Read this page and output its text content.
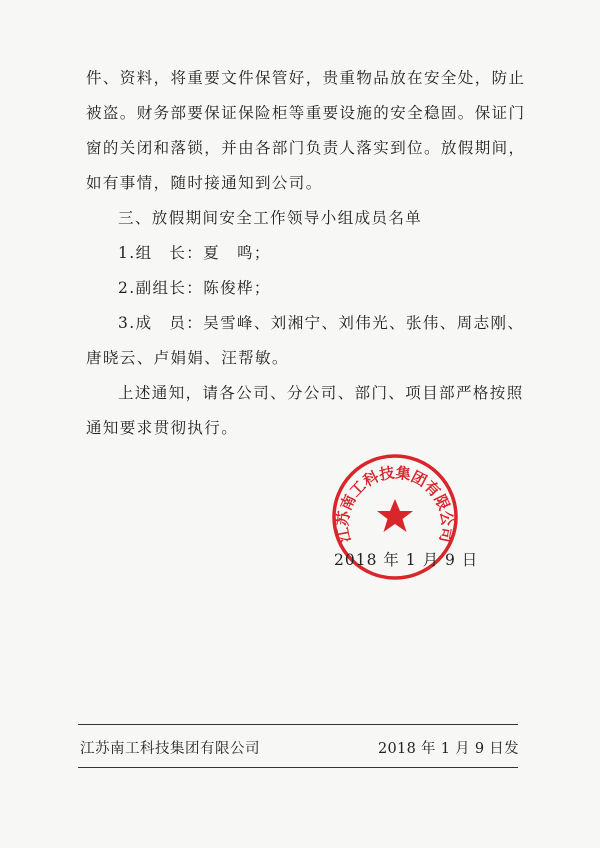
件、资料，将重要文件保管好，贵重物品放在安全处，防止
被盗。财务部要保证保险柜等重要设施的安全稳固。保证门
窗的关闭和落锁，并由各部门负责人落实到位。放假期间，
如有事情，随时接通知到公司。
三、放假期间安全工作领导小组成员名单
1.组　长：夏　鸣；
2.副组长：陈俊桦；
3.成　员：吴雪峰、刘湘宁、刘伟光、张伟、周志刚、
唐晓云、卢娟娟、汪帮敏。
上述通知，请各公司、分公司、部门、项目部严格按照
通知要求贯彻执行。
江苏南工科技集团有限公司
2018 年 1 月 9 日
江苏南工科技集团有限公司	2018 年 1 月 9 日发
